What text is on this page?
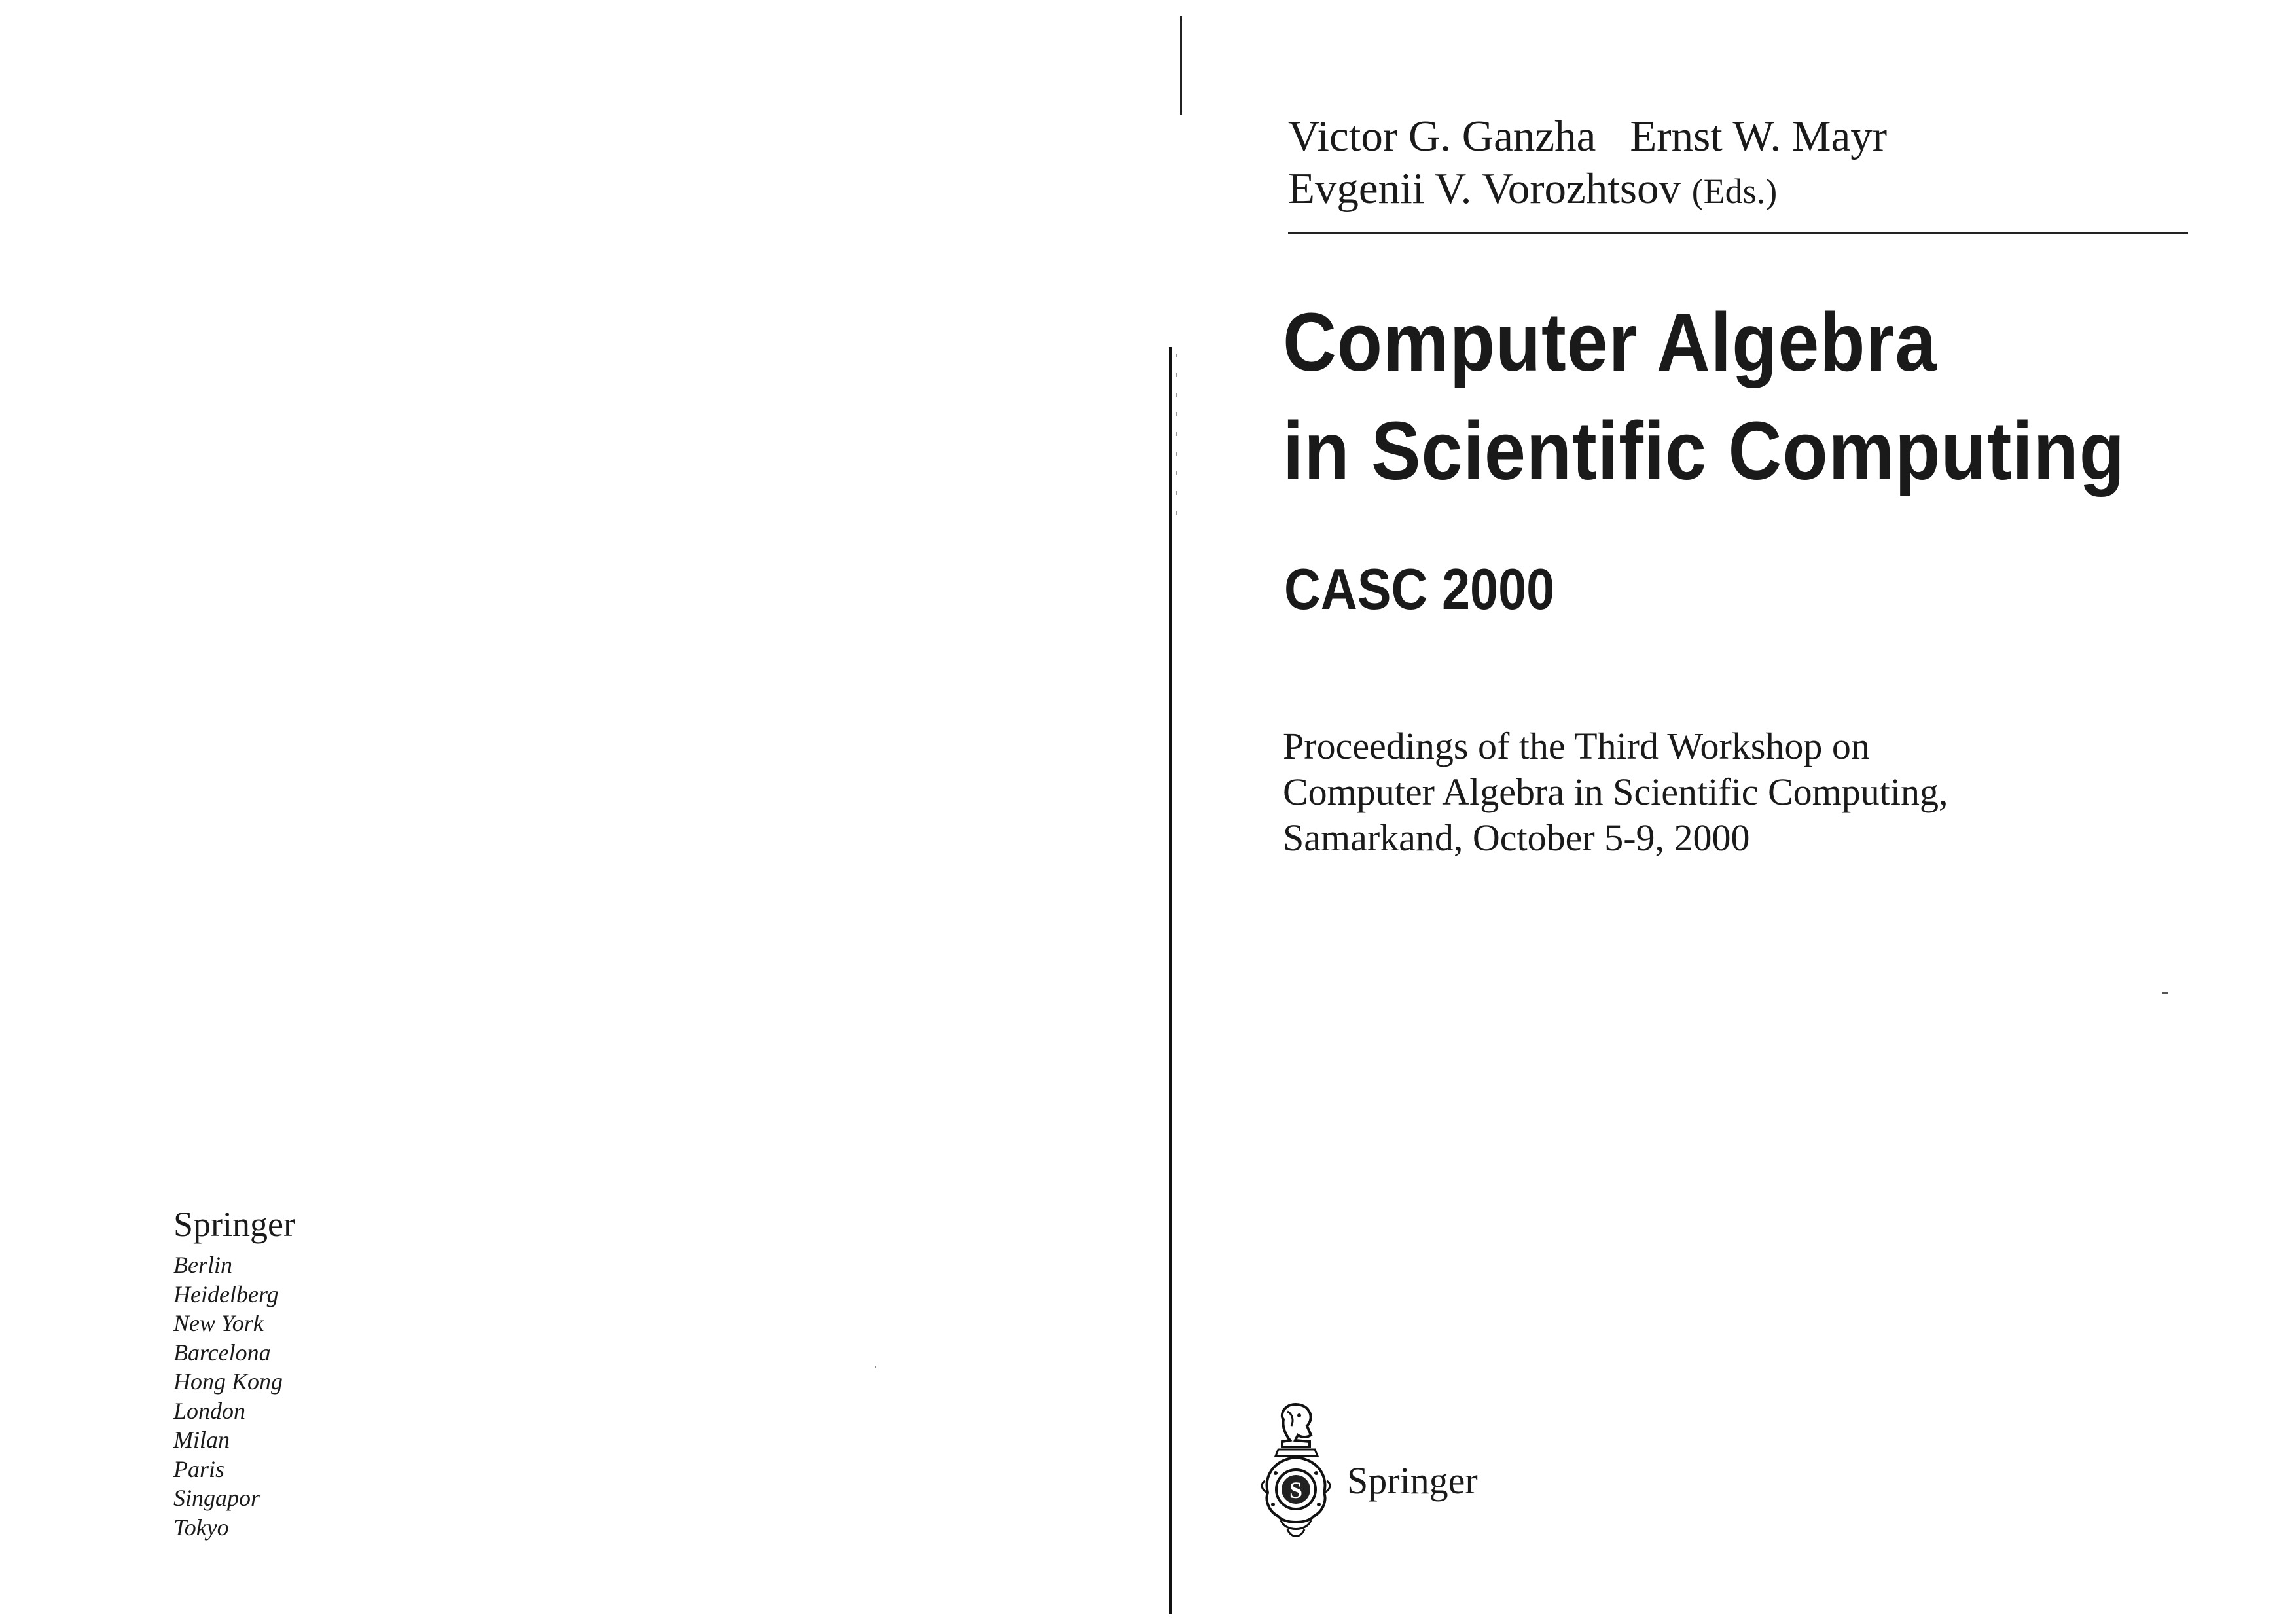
Springer
Berlin
Heidelberg
New York
Barcelona
Hong Kong
London
Milan
Paris
Singapor
Tokyo
Victor G. Ganzha Ernst W. Mayr
Evgenii V. Vorozhtsov (Eds.)
Computer Algebra
in Scientific Computing
CASC 2000
Proceedings of the Third Workshop on
Computer Algebra in Scientific Computing,
Samarkand, October 5-9, 2000
S Springer
